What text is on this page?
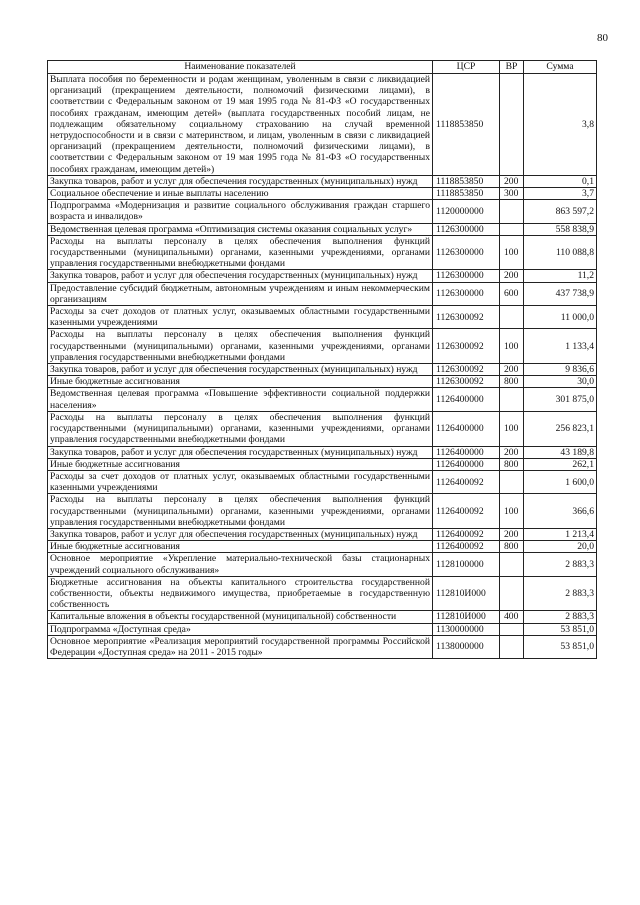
80
Наименование показателей	ЦСР	ВР	Сумма
Выплата пособия по беременности и родам женщинам, уволенным в связи с ликвидацией организаций (прекращением деятельности, полномочий физическими лицами), в соответствии с Федеральным законом от 19 мая 1995 года № 81-ФЗ «О государственных пособиях гражданам, имеющим детей» (выплата государственных пособий лицам, не подлежащим обязательному социальному страхованию на случай временной нетрудоспособности и в связи с материнством, и лицам, уволенным в связи с ликвидацией организаций (прекращением деятельности, полномочий физическими лицами), в соответствии с Федеральным законом от 19 мая 1995 года № 81-ФЗ «О государственных пособиях гражданам, имеющим детей»)	1118853850		3,8
Закупка товаров, работ и услуг для обеспечения государственных (муниципальных) нужд	1118853850	200	0,1
Социальное обеспечение и иные выплаты населению	1118853850	300	3,7
Подпрограмма «Модернизация и развитие социального обслуживания граждан старшего возраста и инвалидов»	1120000000		863 597,2
Ведомственная целевая программа «Оптимизация системы оказания социальных услуг»	1126300000		558 838,9
Расходы на выплаты персоналу в целях обеспечения выполнения функций государственными (муниципальными) органами, казенными учреждениями, органами управления государственными внебюджетными фондами	1126300000	100	110 088,8
Закупка товаров, работ и услуг для обеспечения государственных (муниципальных) нужд	1126300000	200	11,2
Предоставление субсидий бюджетным, автономным учреждениям и иным некоммерческим организациям	1126300000	600	437 738,9
Расходы за счет доходов от платных услуг, оказываемых областными государственными казенными учреждениями	1126300092		11 000,0
Расходы на выплаты персоналу в целях обеспечения выполнения функций государственными (муниципальными) органами, казенными учреждениями, органами управления государственными внебюджетными фондами	1126300092	100	1 133,4
Закупка товаров, работ и услуг для обеспечения государственных (муниципальных) нужд	1126300092	200	9 836,6
Иные бюджетные ассигнования	1126300092	800	30,0
Ведомственная целевая программа «Повышение эффективности социальной поддержки населения»	1126400000		301 875,0
Расходы на выплаты персоналу в целях обеспечения выполнения функций государственными (муниципальными) органами, казенными учреждениями, органами управления государственными внебюджетными фондами	1126400000	100	256 823,1
Закупка товаров, работ и услуг для обеспечения государственных (муниципальных) нужд	1126400000	200	43 189,8
Иные бюджетные ассигнования	1126400000	800	262,1
Расходы за счет доходов от платных услуг, оказываемых областными государственными казенными учреждениями	1126400092		1 600,0
Расходы на выплаты персоналу в целях обеспечения выполнения функций государственными (муниципальными) органами, казенными учреждениями, органами управления государственными внебюджетными фондами	1126400092	100	366,6
Закупка товаров, работ и услуг для обеспечения государственных (муниципальных) нужд	1126400092	200	1 213,4
Иные бюджетные ассигнования	1126400092	800	20,0
Основное мероприятие «Укрепление материально-технической базы стационарных учреждений социального обслуживания»	1128100000		2 883,3
Бюджетные ассигнования на объекты капитального строительства государственной собственности, объекты недвижимого имущества, приобретаемые в государственную собственность	112810И000		2 883,3
Капитальные вложения в объекты государственной (муниципальной) собственности	112810И000	400	2 883,3
Подпрограмма «Доступная среда»	1130000000		53 851,0
Основное мероприятие «Реализация мероприятий государственной программы Российской Федерации «Доступная среда» на 2011 - 2015 годы»	1138000000		53 851,0
